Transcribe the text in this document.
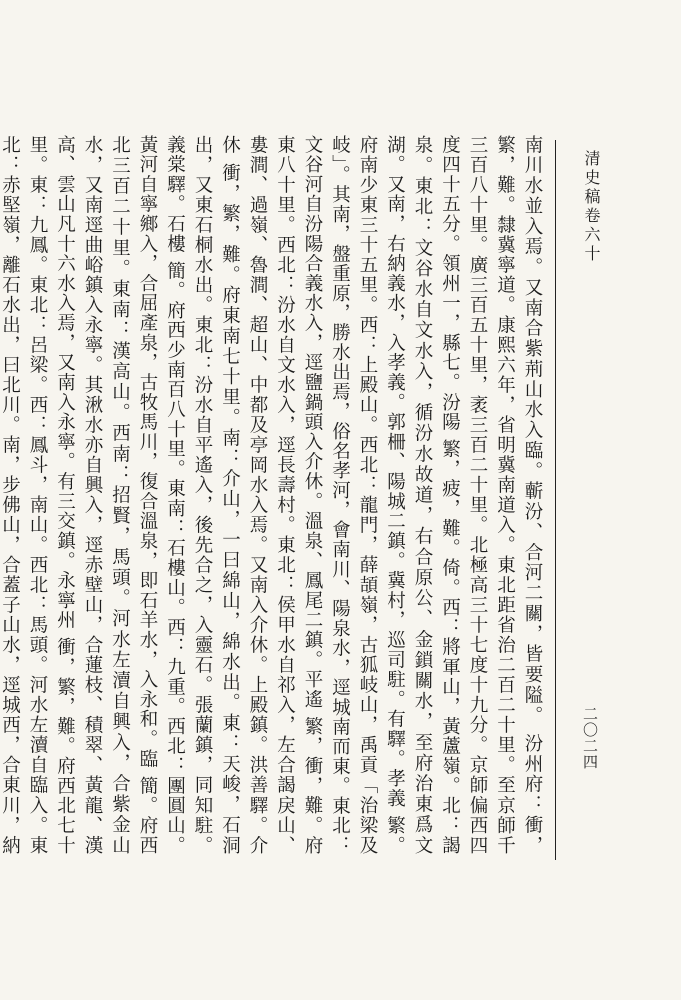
清史稿卷六十
二〇二四

南川水並入焉。又南合紫荊山水入臨。蘄汾、合河二關，皆要隘。 汾州府：衝，繁，難。隸冀寧道。康熙六年，省明冀南道入。東北距省治二百二十里。至京師千三百八十里。廣三百五十里，袤三百二十里。北極高三十七度十九分。京師偏西四度四十五分。領州一，縣七。汾陽 繁，疲，難。倚。西：將軍山，黃蘆嶺。北：謁泉。東北：文谷水自文水入，循汾水故道，右合原公、金鎖關水，至府治東爲文湖。又南，右納義水，入孝義。郭柵、陽城二鎮。冀村，巡司駐。有驛。孝義 繁。府南少東三十五里。西：上殿山。西北：龍門，薛頡嶺，古狐岐山，禹貢「治梁及岐」。其南，盤重原，勝水出焉，俗名孝河，會南川、陽泉水，逕城南而東。東北：文谷河自汾陽合義水入，逕鹽鍋頭入介休。溫泉、鳳尾二鎮。平遙 繁，衝，難。府東八十里。西北：汾水自文水入，逕長壽村。東北：侯甲水自祁入，左合謁戾山、婁澗、過嶺、魯澗、超山、中都及亭岡水入焉。又南入介休。上殿鎮。洪善驛。介休 衝，繁，難。府東南七十里。南：介山，一曰綿山，綿水出。東：天峻，石洞出，又東石桐水出。東北：汾水自平遙入，後先合之，入靈石。張蘭鎮，同知駐。義棠驛。石樓 簡。府西少南百八十里。東南：石樓山。西：九重。西北：團圓山。黃河自寧鄉入，合屈產泉，古牧馬川，復合溫泉，即石羊水，入永和。臨 簡。府西北三百二十里。東南：漢高山。西南：招賢，馬頭。河水左瀆自興入，合紫金山水，又南逕曲峪鎮入永寧。其湫水亦自興入，逕赤壁山，合蓮枝、積翠、黃龍、漢高、雲山凡十六水入焉，又南入永寧。有三交鎮。永寧州 衝，繁，難。府西北七十里。東：九鳳。東北：呂梁。西：鳳斗，南山。西北：馬頭。河水左瀆自臨入。東北：赤堅嶺，離石水出，曰北川。南，步佛山，合蓋子山水，逕城西，合東川，納
